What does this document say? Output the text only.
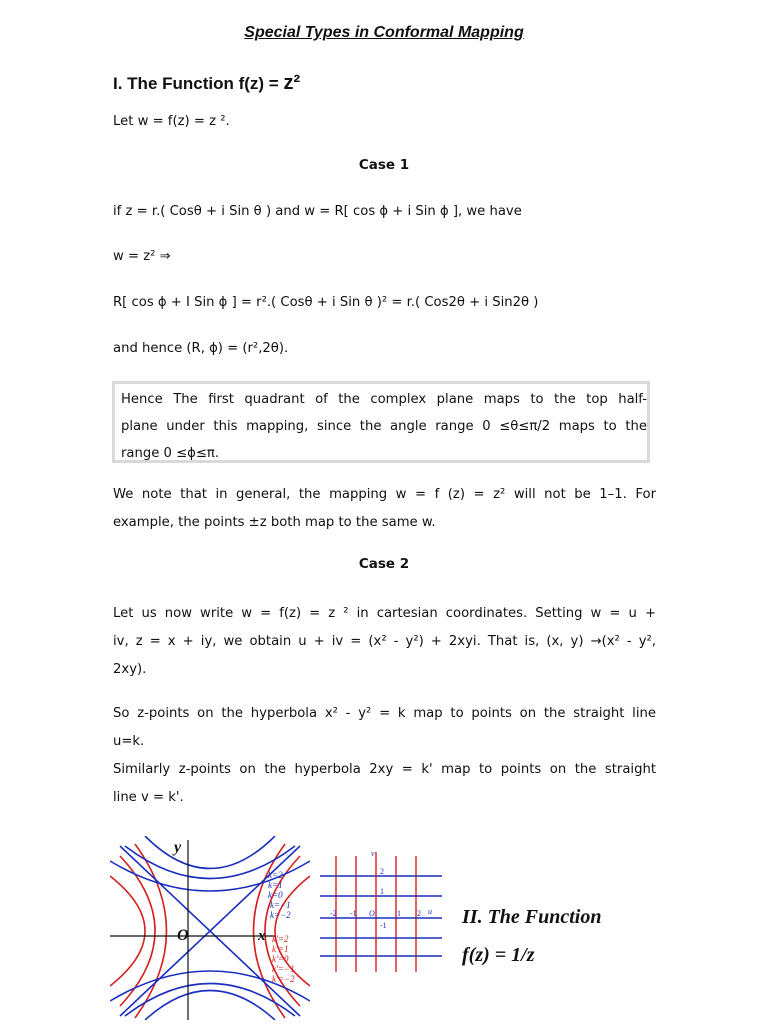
Special Types in Conformal Mapping
I. The Function f(z) = z²
Let w = f(z) = z ².
Case 1
if z = r.( Cosθ + i Sin θ ) and w = R[ cos ϕ + i Sin ϕ ], we have
w = z² ⇒
R[ cos ϕ + I Sin ϕ ] = r².( Cosθ + i Sin θ )² = r.( Cos2θ + i Sin2θ )
and hence (R, ϕ) = (r²,2θ).
Hence The first quadrant of the complex plane maps to the top half-
plane under this mapping, since the angle range 0 ≤θ≤π/2 maps to the
range 0 ≤ϕ≤π.
We note that in general, the mapping w = f (z) = z² will not be 1–1. For
example, the points ±z both map to the same w.
Case 2
Let us now write w = f(z) = z ² in cartesian coordinates. Setting w = u +
iv, z = x + iy, we obtain u + iv = (x² - y²) + 2xyi. That is, (x, y) →(x² - y²,
2xy).
So z-points on the hyperbola x² - y² = k map to points on the straight line
u=k.
Similarly z-points on the hyperbola 2xy = k' map to points on the straight
line v = k'.
y
x
O
k=2
k=1
k=0
k=−1
k=−2
k'=2
k'=1
k'=0
k'=−1
k'=−2
v
u
O
-2 -1	1 2
2
1
-1	II. The Function
f(z) = 1/z
